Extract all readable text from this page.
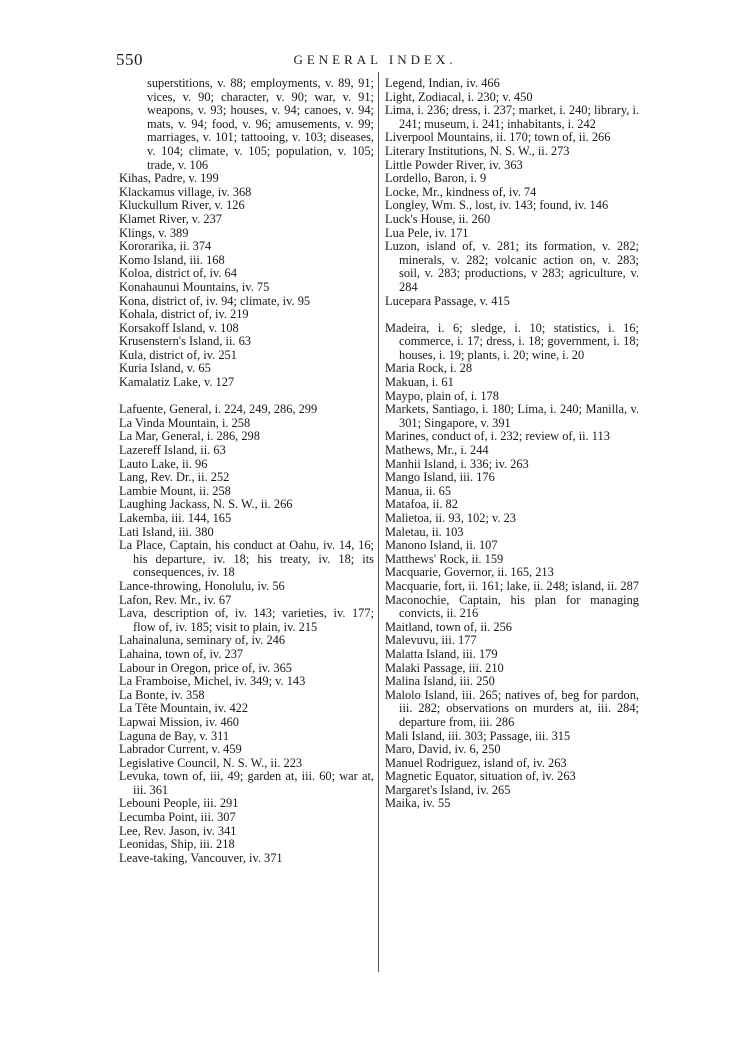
550	GENERAL INDEX.
superstitions, v. 88; employments, v. 89, 91; vices, v. 90; character, v. 90; war, v. 91; weapons, v. 93; houses, v. 94; canoes, v. 94; mats, v. 94; food, v. 96; amusements, v. 99; marriages, v. 101; tattooing, v. 103; diseases, v. 104; climate, v. 105; population, v. 105; trade, v. 106
Kihas, Padre, v. 199
Klackamus village, iv. 368
Kluckullum River, v. 126
Klamet River, v. 237
Klings, v. 389
Kororarika, ii. 374
Komo Island, iii. 168
Koloa, district of, iv. 64
Konahaunui Mountains, iv. 75
Kona, district of, iv. 94; climate, iv. 95
Kohala, district of, iv. 219
Korsakoff Island, v. 108
Krusenstern's Island, ii. 63
Kula, district of, iv. 251
Kuria Island, v. 65
Kamalatiz Lake, v. 127
Lafuente, General, i. 224, 249, 286, 299
La Vinda Mountain, i. 258
La Mar, General, i. 286, 298
Lazereff Island, ii. 63
Lauto Lake, ii. 96
Lang, Rev. Dr., ii. 252
Lambie Mount, ii. 258
Laughing Jackass, N. S. W., ii. 266
Lakemba, iii. 144, 165
Lati Island, iii. 380
La Place, Captain, his conduct at Oahu, iv. 14, 16; his departure, iv. 18; his treaty, iv. 18; its consequences, iv. 18
Lance-throwing, Honolulu, iv. 56
Lafon, Rev. Mr., iv. 67
Lava, description of, iv. 143; varieties, iv. 177; flow of, iv. 185; visit to plain, iv. 215
Lahainaluna, seminary of, iv. 246
Lahaina, town of, iv. 237
Labour in Oregon, price of, iv. 365
La Framboise, Michel, iv. 349; v. 143
La Bonte, iv. 358
La Tête Mountain, iv. 422
Lapwai Mission, iv. 460
Laguna de Bay, v. 311
Labrador Current, v. 459
Legislative Council, N. S. W., ii. 223
Levuka, town of, iii, 49; garden at, iii. 60; war at, iii. 361
Lebouni People, iii. 291
Lecumba Point, iii. 307
Lee, Rev. Jason, iv. 341
Leonidas, Ship, iii. 218
Leave-taking, Vancouver, iv. 371
Legend, Indian, iv. 466
Light, Zodiacal, i. 230; v. 450
Lima, i. 236; dress, i. 237; market, i. 240; library, i. 241; museum, i. 241; inhabitants, i. 242
Liverpool Mountains, ii. 170; town of, ii. 266
Literary Institutions, N. S. W., ii. 273
Little Powder River, iv. 363
Lordello, Baron, i. 9
Locke, Mr., kindness of, iv. 74
Longley, Wm. S., lost, iv. 143; found, iv. 146
Luck's House, ii. 260
Lua Pele, iv. 171
Luzon, island of, v. 281; its formation, v. 282; minerals, v. 282; volcanic action on, v. 283; soil, v. 283; productions, v 283; agriculture, v. 284
Lucepara Passage, v. 415
Madeira, i. 6; sledge, i. 10; statistics, i. 16; commerce, i. 17; dress, i. 18; government, i. 18; houses, i. 19; plants, i. 20; wine, i. 20
Maria Rock, i. 28
Makuan, i. 61
Maypo, plain of, i. 178
Markets, Santiago, i. 180; Lima, i. 240; Manilla, v. 301; Singapore, v. 391
Marines, conduct of, i. 232; review of, ii. 113
Mathews, Mr., i. 244
Manhii Island, i. 336; iv. 263
Mango Island, iii. 176
Manua, ii. 65
Matafoa, ii. 82
Malietoa, ii. 93, 102; v. 23
Maletau, ii. 103
Manono Island, ii. 107
Matthews' Rock, ii. 159
Macquarie, Governor, ii. 165, 213
Macquarie, fort, ii. 161; lake, ii. 248; island, ii. 287
Maconochie, Captain, his plan for managing convicts, ii. 216
Maitland, town of, ii. 256
Malevuvu, iii. 177
Malatta Island, iii. 179
Malaki Passage, iii. 210
Malina Island, iii. 250
Malolo Island, iii. 265; natives of, beg for pardon, iii. 282; observations on murders at, iii. 284; departure from, iii. 286
Mali Island, iii. 303; Passage, iii. 315
Maro, David, iv. 6, 250
Manuel Rodriguez, island of, iv. 263
Magnetic Equator, situation of, iv. 263
Margaret's Island, iv. 265
Maika, iv. 55
